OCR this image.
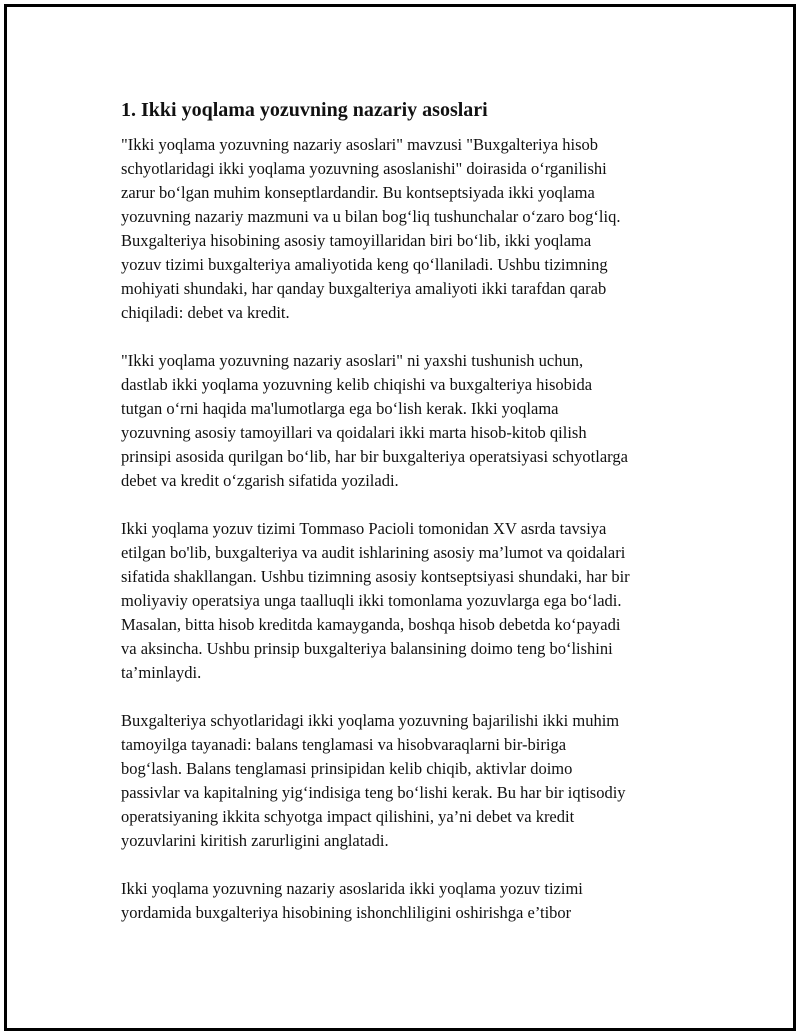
1. Ikki yoqlama yozuvning nazariy asoslari

"Ikki yoqlama yozuvning nazariy asoslari" mavzusi "Buxgalteriya hisob
schyotlaridagi ikki yoqlama yozuvning asoslanishi" doirasida o‘rganilishi
zarur bo‘lgan muhim konseptlardandir. Bu kontseptsiyada ikki yoqlama
yozuvning nazariy mazmuni va u bilan bog‘liq tushunchalar o‘zaro bog‘liq.
Buxgalteriya hisobining asosiy tamoyillaridan biri bo‘lib, ikki yoqlama
yozuv tizimi buxgalteriya amaliyotida keng qo‘llaniladi. Ushbu tizimning
mohiyati shundaki, har qanday buxgalteriya amaliyoti ikki tarafdan qarab
chiqiladi: debet va kredit.

"Ikki yoqlama yozuvning nazariy asoslari" ni yaxshi tushunish uchun,
dastlab ikki yoqlama yozuvning kelib chiqishi va buxgalteriya hisobida
tutgan o‘rni haqida ma'lumotlarga ega bo‘lish kerak. Ikki yoqlama
yozuvning asosiy tamoyillari va qoidalari ikki marta hisob-kitob qilish
prinsipi asosida qurilgan bo‘lib, har bir buxgalteriya operatsiyasi schyotlarga
debet va kredit o‘zgarish sifatida yoziladi.

Ikki yoqlama yozuv tizimi Tommaso Pacioli tomonidan XV asrda tavsiya
etilgan bo'lib, buxgalteriya va audit ishlarining asosiy ma’lumot va qoidalari
sifatida shakllangan. Ushbu tizimning asosiy kontseptsiyasi shundaki, har bir
moliyaviy operatsiya unga taalluqli ikki tomonlama yozuvlarga ega bo‘ladi.
Masalan, bitta hisob kreditda kamayganda, boshqa hisob debetda ko‘payadi
va aksincha. Ushbu prinsip buxgalteriya balansining doimo teng bo‘lishini
ta’minlaydi.

Buxgalteriya schyotlaridagi ikki yoqlama yozuvning bajarilishi ikki muhim
tamoyilga tayanadi: balans tenglamasi va hisobvaraqlarni bir-biriga
bog‘lash. Balans tenglamasi prinsipidan kelib chiqib, aktivlar doimo
passivlar va kapitalning yig‘indisiga teng bo‘lishi kerak. Bu har bir iqtisodiy
operatsiyaning ikkita schyotga impact qilishini, ya’ni debet va kredit
yozuvlarini kiritish zarurligini anglatadi.

Ikki yoqlama yozuvning nazariy asoslarida ikki yoqlama yozuv tizimi
yordamida buxgalteriya hisobining ishonchliligini oshirishga e’tibor
